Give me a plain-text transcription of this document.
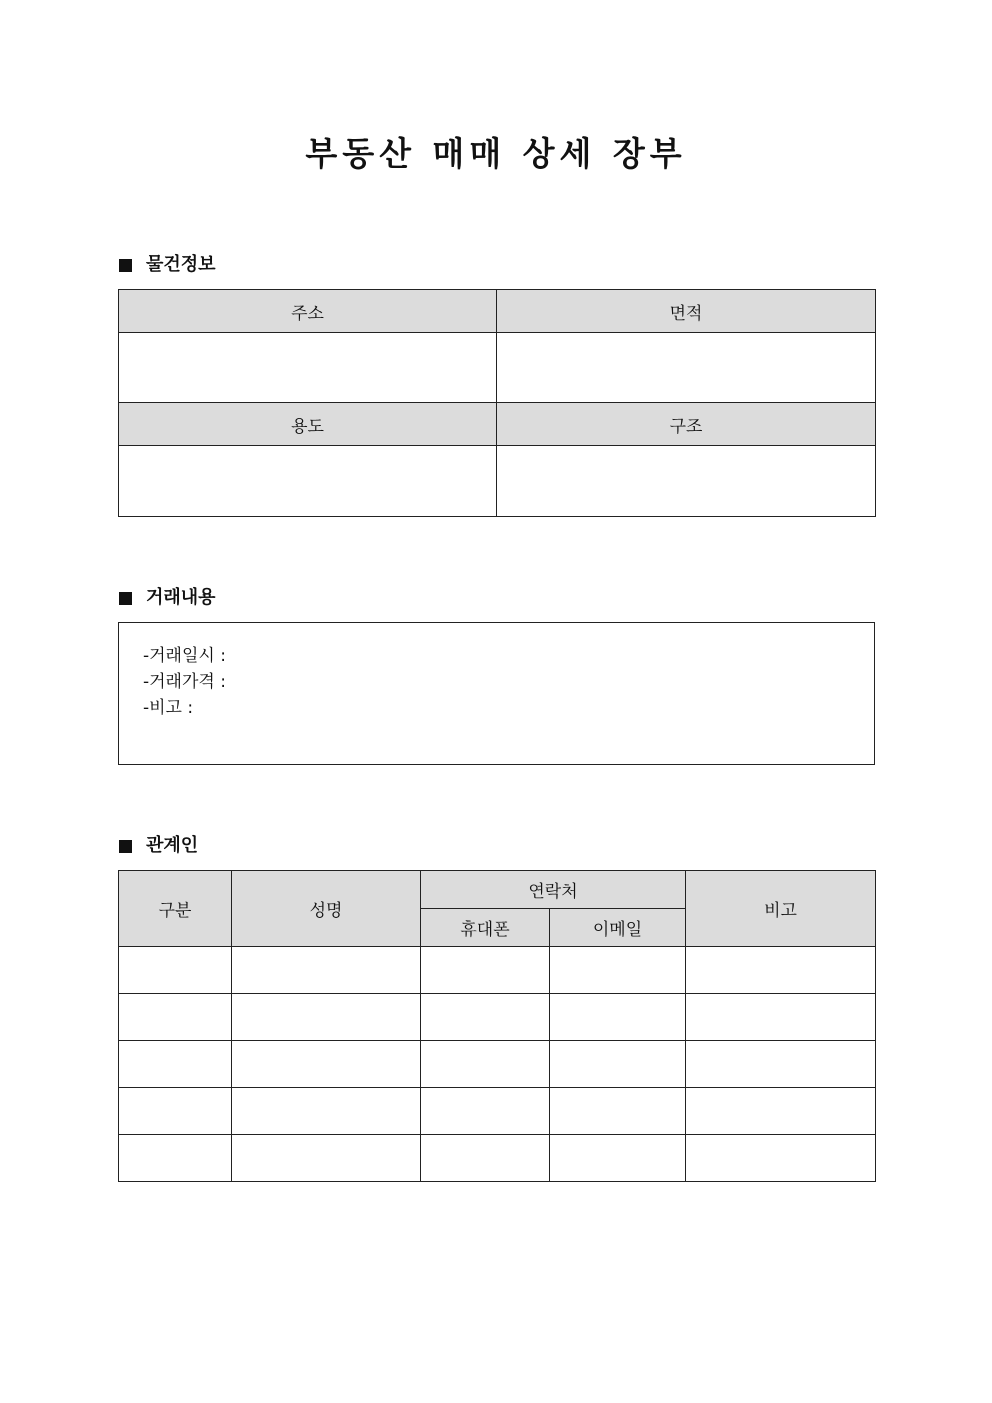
부동산 매매 상세 장부
물건정보
주소	면적

용도	구조

거래내용
-거래일시 :
-거래가격 :
-비고 :
관계인
구분	성명	연락처		비고
		휴대폰	이메일	
